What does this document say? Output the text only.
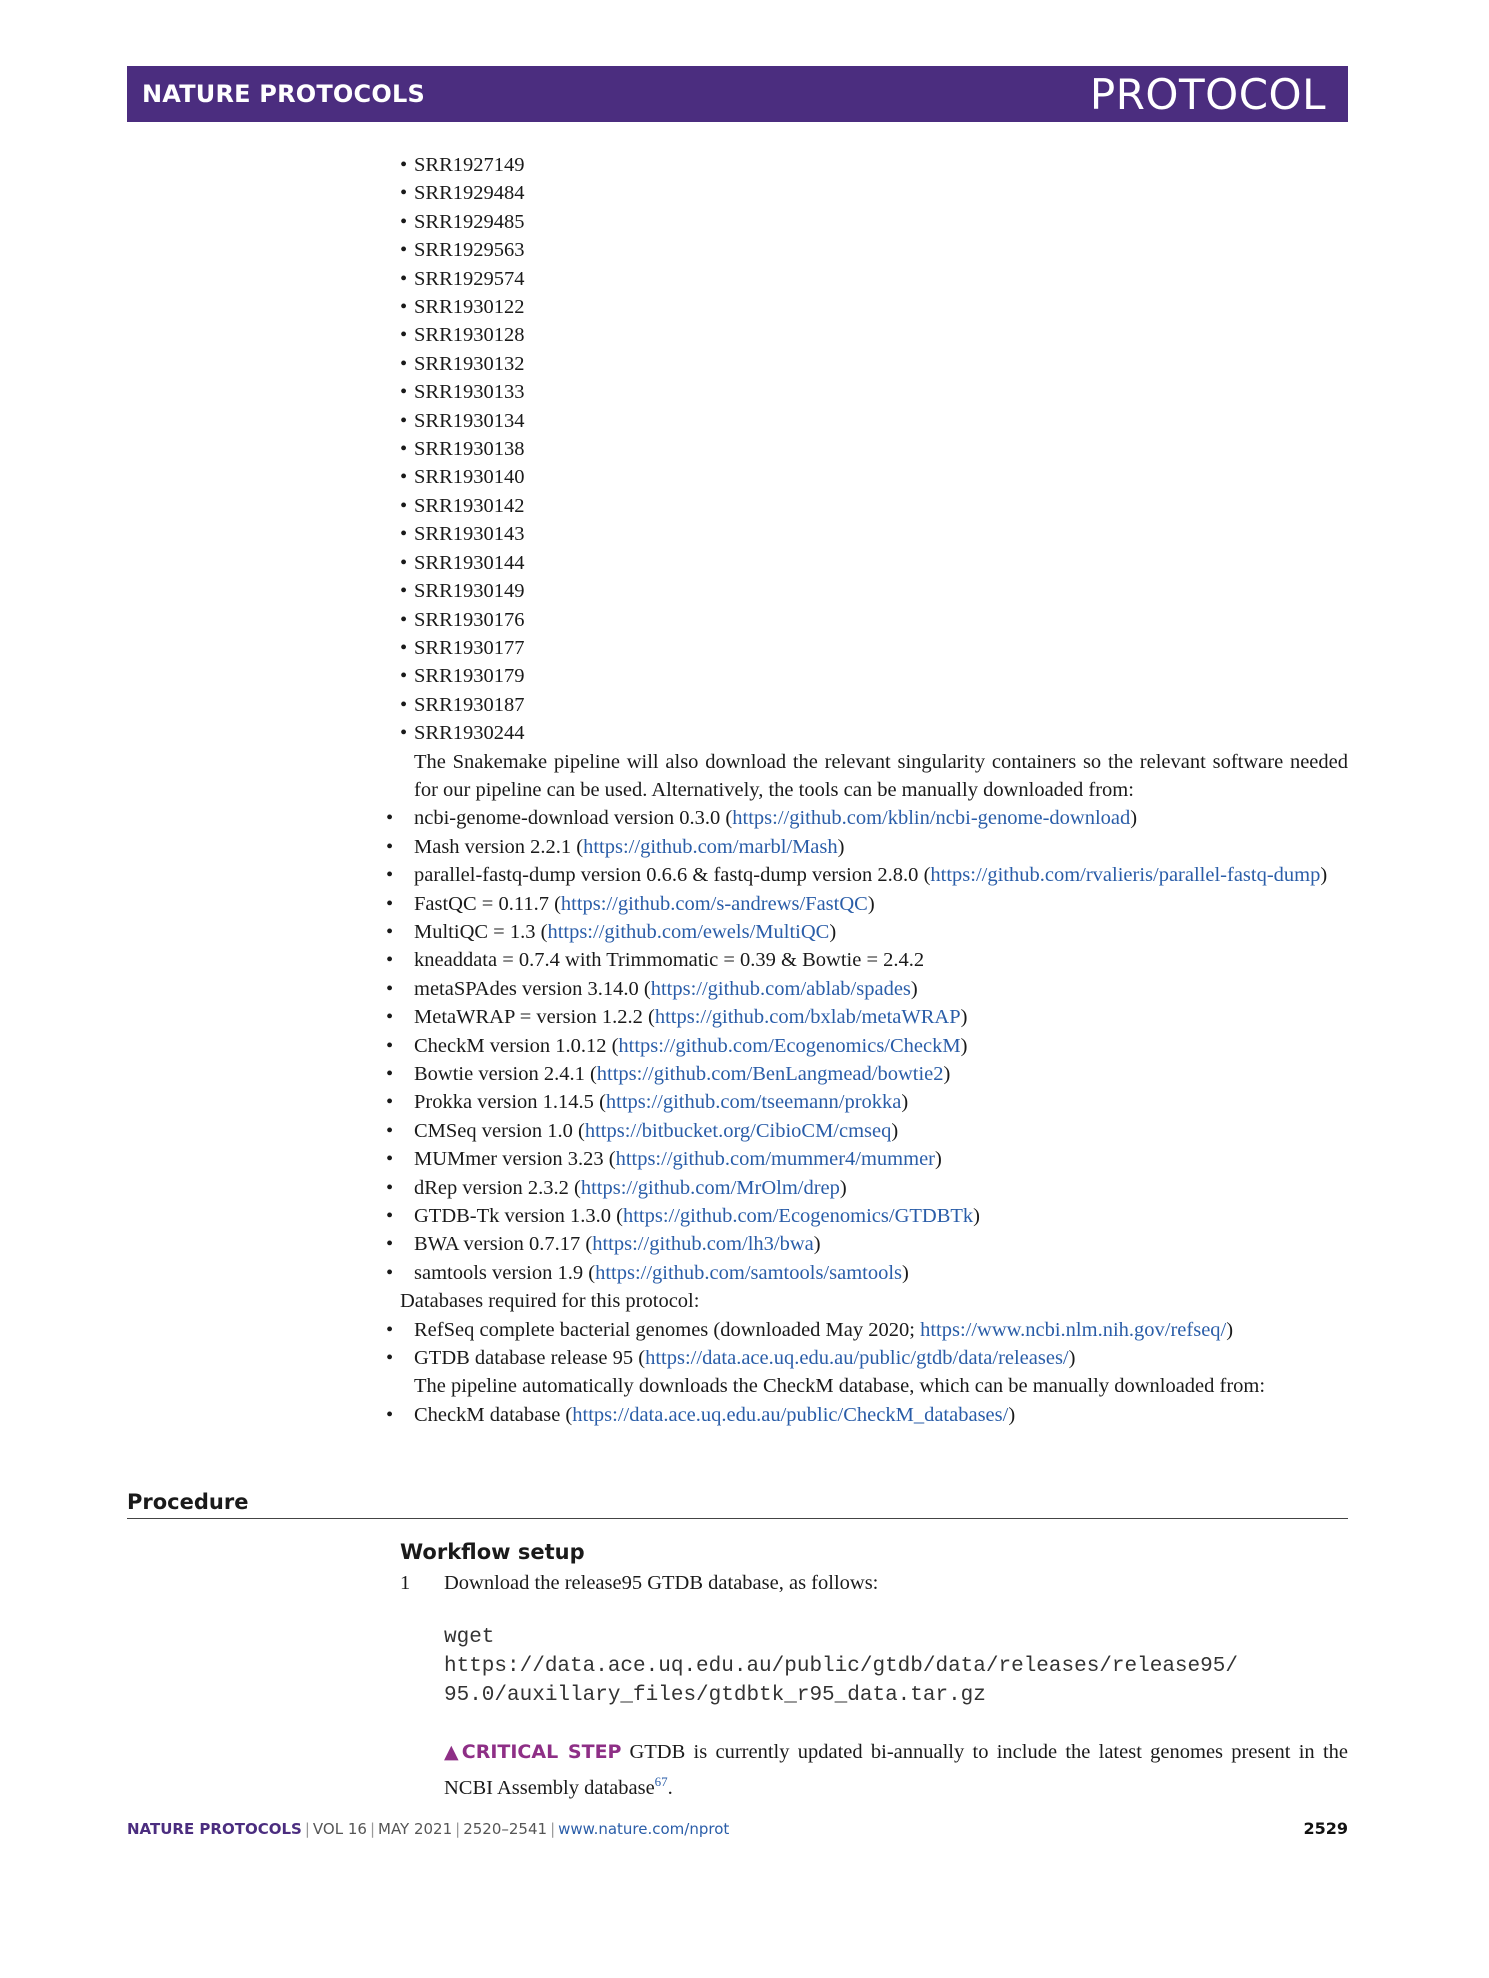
NATURE PROTOCOLS	PROTOCOL
• SRR1927149
• SRR1929484
• SRR1929485
• SRR1929563
• SRR1929574
• SRR1930122
• SRR1930128
• SRR1930132
• SRR1930133
• SRR1930134
• SRR1930138
• SRR1930140
• SRR1930142
• SRR1930143
• SRR1930144
• SRR1930149
• SRR1930176
• SRR1930177
• SRR1930179
• SRR1930187
• SRR1930244
The Snakemake pipeline will also download the relevant singularity containers so the relevant software needed for our pipeline can be used. Alternatively, the tools can be manually downloaded from:
• ncbi-genome-download version 0.3.0 (https://github.com/kblin/ncbi-genome-download)
• Mash version 2.2.1 (https://github.com/marbl/Mash)
• parallel-fastq-dump version 0.6.6 & fastq-dump version 2.8.0 (https://github.com/rvalieris/parallel-fastq-dump)
• FastQC = 0.11.7 (https://github.com/s-andrews/FastQC)
• MultiQC = 1.3 (https://github.com/ewels/MultiQC)
• kneaddata = 0.7.4 with Trimmomatic = 0.39 & Bowtie = 2.4.2
• metaSPAdes version 3.14.0 (https://github.com/ablab/spades)
• MetaWRAP = version 1.2.2 (https://github.com/bxlab/metaWRAP)
• CheckM version 1.0.12 (https://github.com/Ecogenomics/CheckM)
• Bowtie version 2.4.1 (https://github.com/BenLangmead/bowtie2)
• Prokka version 1.14.5 (https://github.com/tseemann/prokka)
• CMSeq version 1.0 (https://bitbucket.org/CibioCM/cmseq)
• MUMmer version 3.23 (https://github.com/mummer4/mummer)
• dRep version 2.3.2 (https://github.com/MrOlm/drep)
• GTDB-Tk version 1.3.0 (https://github.com/Ecogenomics/GTDBTk)
• BWA version 0.7.17 (https://github.com/lh3/bwa)
• samtools version 1.9 (https://github.com/samtools/samtools)
Databases required for this protocol:
• RefSeq complete bacterial genomes (downloaded May 2020; https://www.ncbi.nlm.nih.gov/refseq/)
• GTDB database release 95 (https://data.ace.uq.edu.au/public/gtdb/data/releases/)
The pipeline automatically downloads the CheckM database, which can be manually downloaded from:
• CheckM database (https://data.ace.uq.edu.au/public/CheckM_databases/)
Procedure
Workflow setup
1 Download the release95 GTDB database, as follows:
wget
https://data.ace.uq.edu.au/public/gtdb/data/releases/release95/
95.0/auxillary_files/gtdbtk_r95_data.tar.gz
▲CRITICAL STEP GTDB is currently updated bi-annually to include the latest genomes present in the NCBI Assembly database$^{67}$.
NATURE PROTOCOLS | VOL 16 | MAY 2021 | 2520–2541 | www.nature.com/nprot	2529
